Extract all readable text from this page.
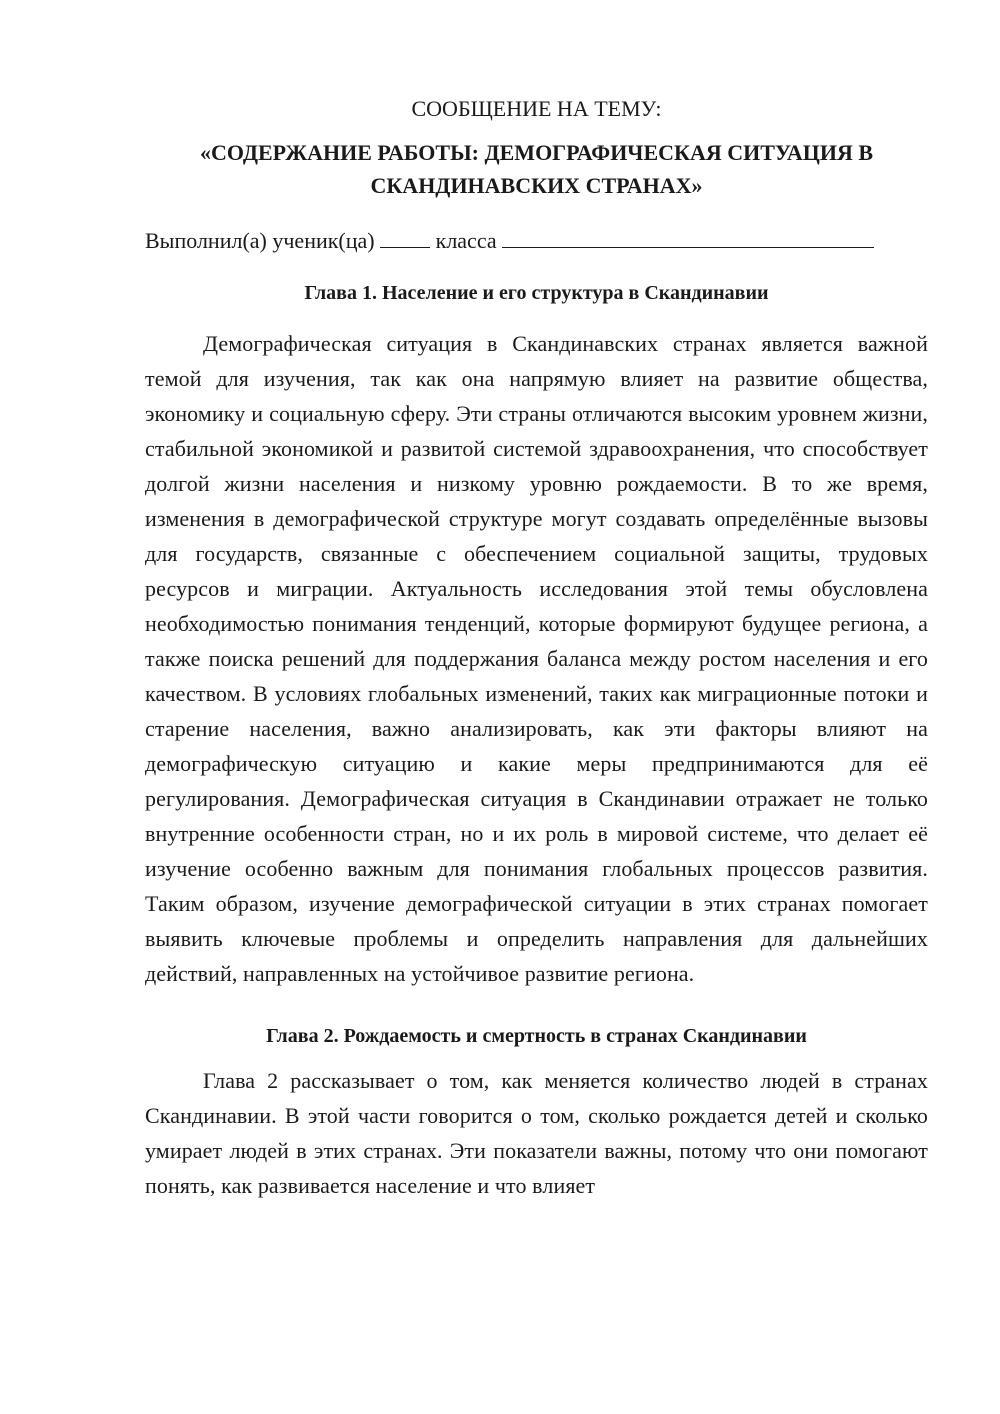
СООБЩЕНИЕ НА ТЕМУ:

«СОДЕРЖАНИЕ РАБОТЫ: ДЕМОГРАФИЧЕСКАЯ СИТУАЦИЯ В СКАНДИНАВСКИХ СТРАНАХ»

Выполнил(а) ученик(ца)	класса

Глава 1. Население и его структура в Скандинавии

Демографическая ситуация в Скандинавских странах является важной темой для изучения, так как она напрямую влияет на развитие общества, экономику и социальную сферу. Эти страны отличаются высоким уровнем жизни, стабильной экономикой и развитой системой здравоохранения, что способствует долгой жизни населения и низкому уровню рождаемости. В то же время, изменения в демографической структуре могут создавать определённые вызовы для государств, связанные с обеспечением социальной защиты, трудовых ресурсов и миграции. Актуальность исследования этой темы обусловлена необходимостью понимания тенденций, которые формируют будущее региона, а также поиска решений для поддержания баланса между ростом населения и его качеством. В условиях глобальных изменений, таких как миграционные потоки и старение населения, важно анализировать, как эти факторы влияют на демографическую ситуацию и какие меры предпринимаются для её регулирования. Демографическая ситуация в Скандинавии отражает не только внутренние особенности стран, но и их роль в мировой системе, что делает её изучение особенно важным для понимания глобальных процессов развития. Таким образом, изучение демографической ситуации в этих странах помогает выявить ключевые проблемы и определить направления для дальнейших действий, направленных на устойчивое развитие региона.

Глава 2. Рождаемость и смертность в странах Скандинавии

Глава 2 рассказывает о том, как меняется количество людей в странах Скандинавии. В этой части говорится о том, сколько рождается детей и сколько умирает людей в этих странах. Эти показатели важны, потому что они помогают понять, как развивается население и что влияет
